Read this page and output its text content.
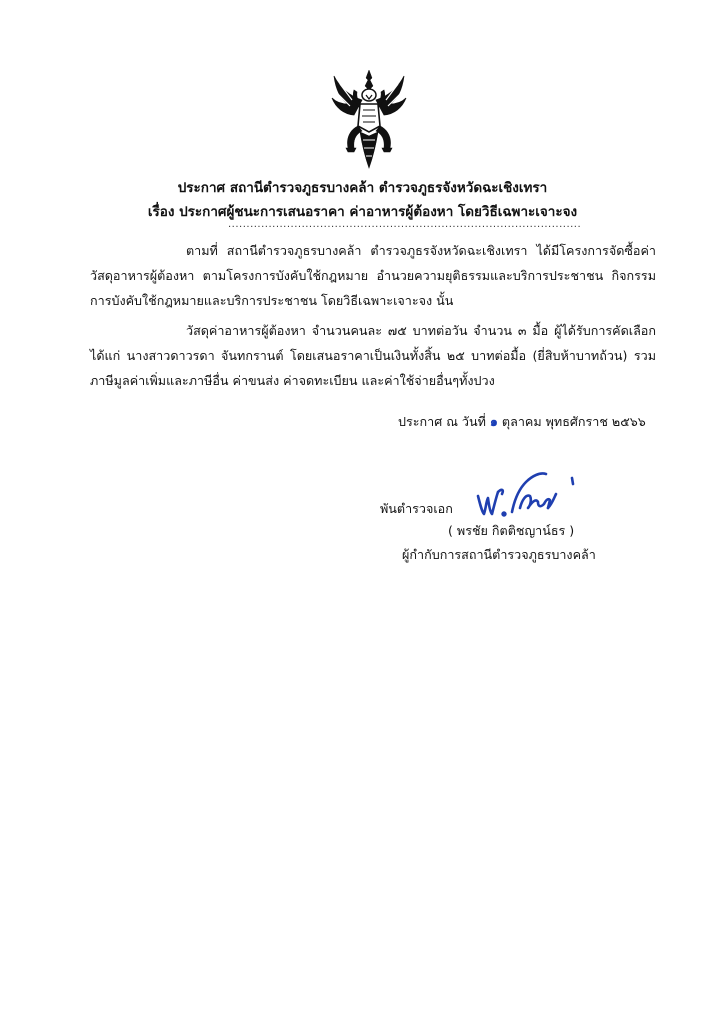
ประกาศ สถานีตำรวจภูธรบางคล้า ตำรวจภูธรจังหวัดฉะเชิงเทรา
เรื่อง ประกาศผู้ชนะการเสนอราคา ค่าอาหารผู้ต้องหา โดยวิธีเฉพาะเจาะจง
................................................................................................
ตามที่ สถานีตำรวจภูธรบางคล้า ตำรวจภูธรจังหวัดฉะเชิงเทรา ได้มีโครงการจัดซื้อค่าวัสดุอาหารผู้ต้องหา ตามโครงการบังคับใช้กฎหมาย อำนวยความยุติธรรมและบริการประชาชน กิจกรรมการบังคับใช้กฎหมายและบริการประชาชน โดยวิธีเฉพาะเจาะจง นั้น
วัสดุค่าอาหารผู้ต้องหา จำนวนคนละ ๗๕ บาทต่อวัน จำนวน ๓ มื้อ ผู้ได้รับการคัดเลือก ได้แก่ นางสาวดาวรดา จันทกรานต์ โดยเสนอราคาเป็นเงินทั้งสิ้น ๒๕ บาทต่อมื้อ (ยี่สิบห้าบาทถ้วน) รวมภาษีมูลค่าเพิ่มและภาษีอื่น ค่าขนส่ง ค่าจดทะเบียน และค่าใช้จ่ายอื่นๆทั้งปวง
ประกาศ ณ วันที่ ๑ ตุลาคม พุทธศักราช ๒๕๖๖
พันตำรวจเอก
( พรชัย กิตติชญาน์ธร )
ผู้กำกับการสถานีตำรวจภูธรบางคล้า
